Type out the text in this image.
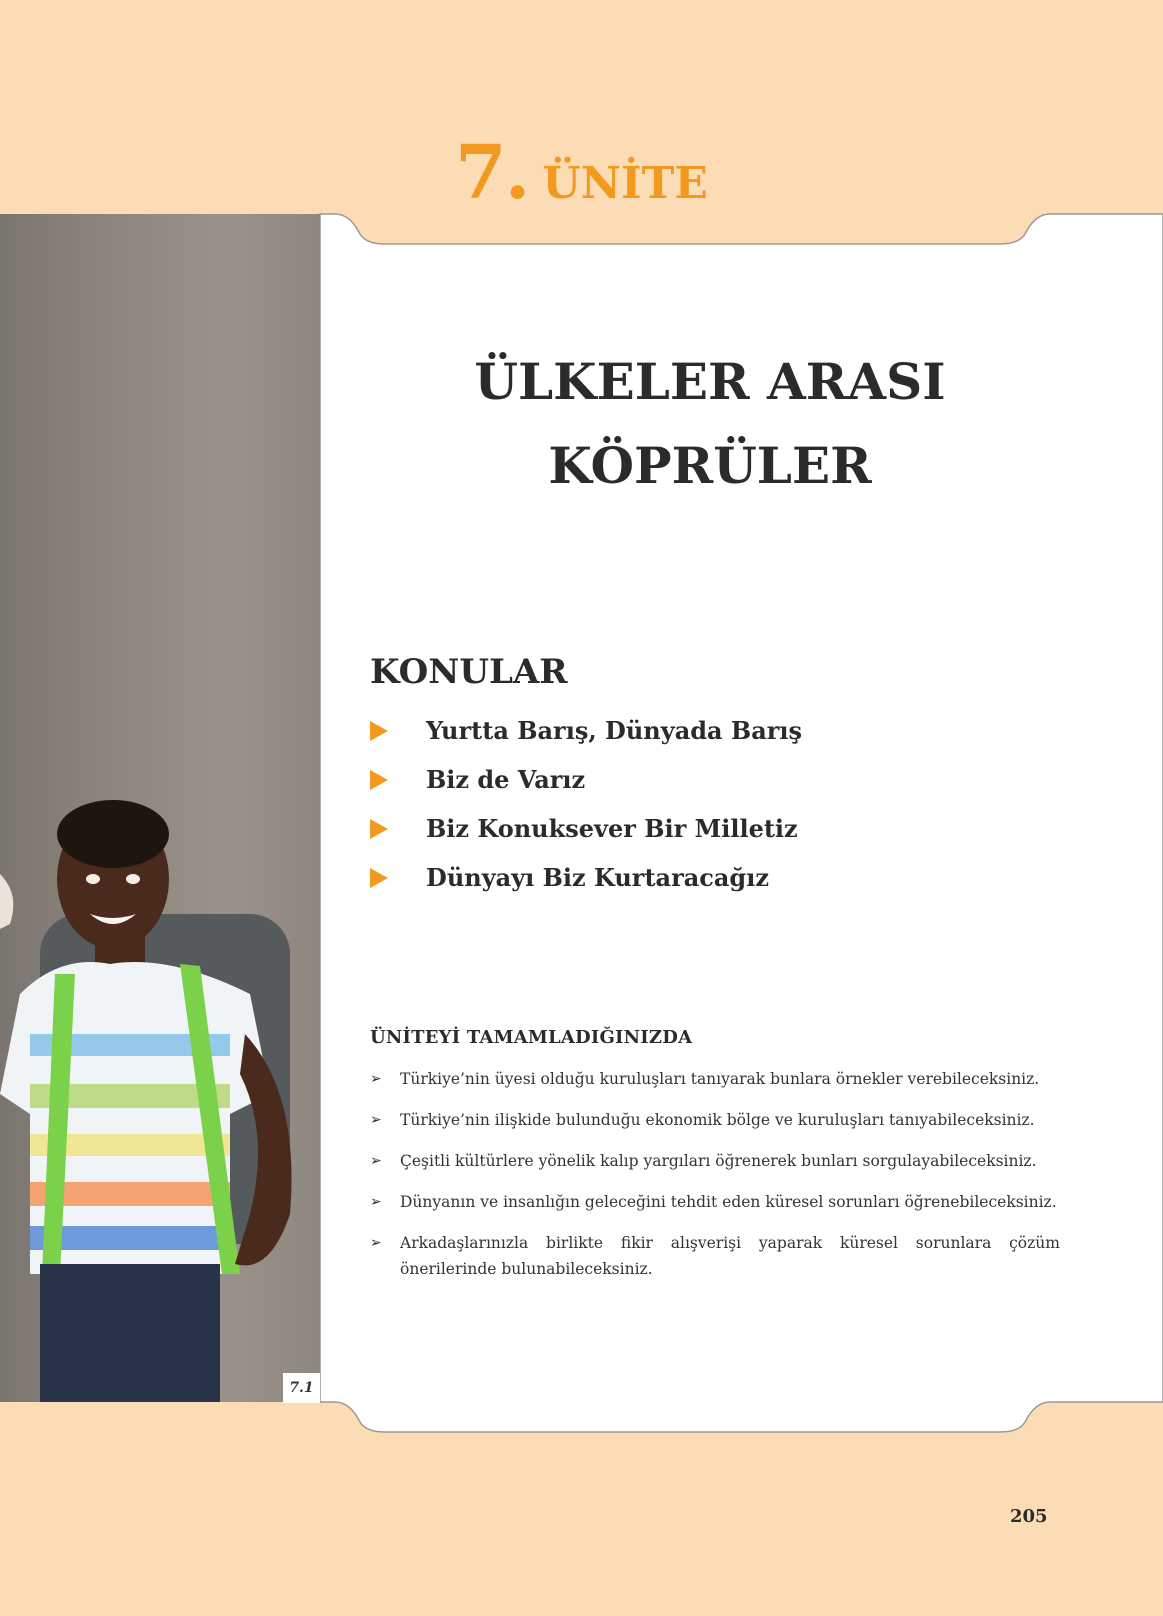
7. ÜNİTE
7.1
ÜLKELER ARASI
KÖPRÜLER
KONULAR
Yurtta Barış, Dünyada Barış
Biz de Varız
Biz Konuksever Bir Milletiz
Dünyayı Biz Kurtaracağız
ÜNİTEYİ TAMAMLADIĞINIZDA
➢	Türkiye’nin üyesi olduğu kuruluşları tanıyarak bunlara örnekler verebileceksiniz.
➢	Türkiye’nin ilişkide bulunduğu ekonomik bölge ve kuruluşları tanıyabileceksiniz.
➢	Çeşitli kültürlere yönelik kalıp yargıları öğrenerek bunları sorgulayabileceksiniz.
➢	Dünyanın ve insanlığın geleceğini tehdit eden küresel sorunları öğrenebileceksiniz.
➢	Arkadaşlarınızla birlikte fikir alışverişi yaparak küresel sorunlara çözüm önerilerinde bulunabileceksiniz.
205
